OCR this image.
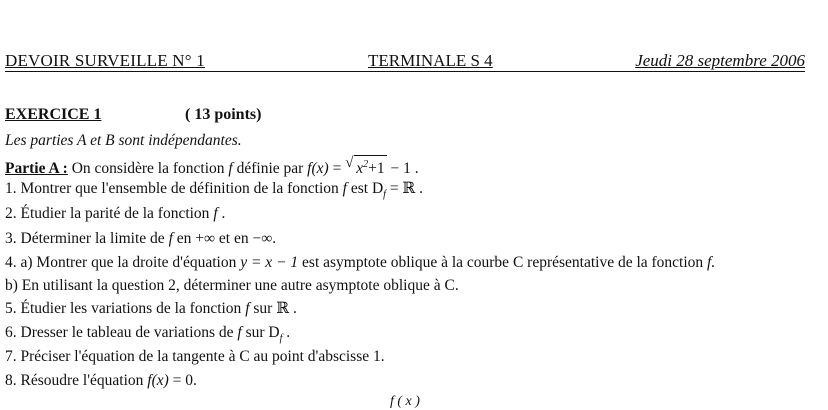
DEVOIR SURVEILLE N° 1	TERMINALE S 4	Jeudi 28 septembre 2006
EXERCICE 1	( 13 points)
Les parties A et B sont indépendantes.
Partie A : On considère la fonction f définie par f(x) = √ $x^2+1 - 1$ .
1. Montrer que l'ensemble de définition de la fonction f est $D_f$ = ℝ .
2. Étudier la parité de la fonction f .
3. Déterminer la limite de f en +∞ et en −∞.
4. a) Montrer que la droite d'équation y = x − 1 est asymptote oblique à la courbe C représentative de la fonction f.
b) En utilisant la question 2, déterminer une autre asymptote oblique à C.
5. Étudier les variations de la fonction f sur ℝ .
6. Dresser le tableau de variations de f sur $D_f$ .
7. Préciser l'équation de la tangente à C au point d'abscisse 1.
8. Résoudre l'équation f(x) = 0.
f ( x )
